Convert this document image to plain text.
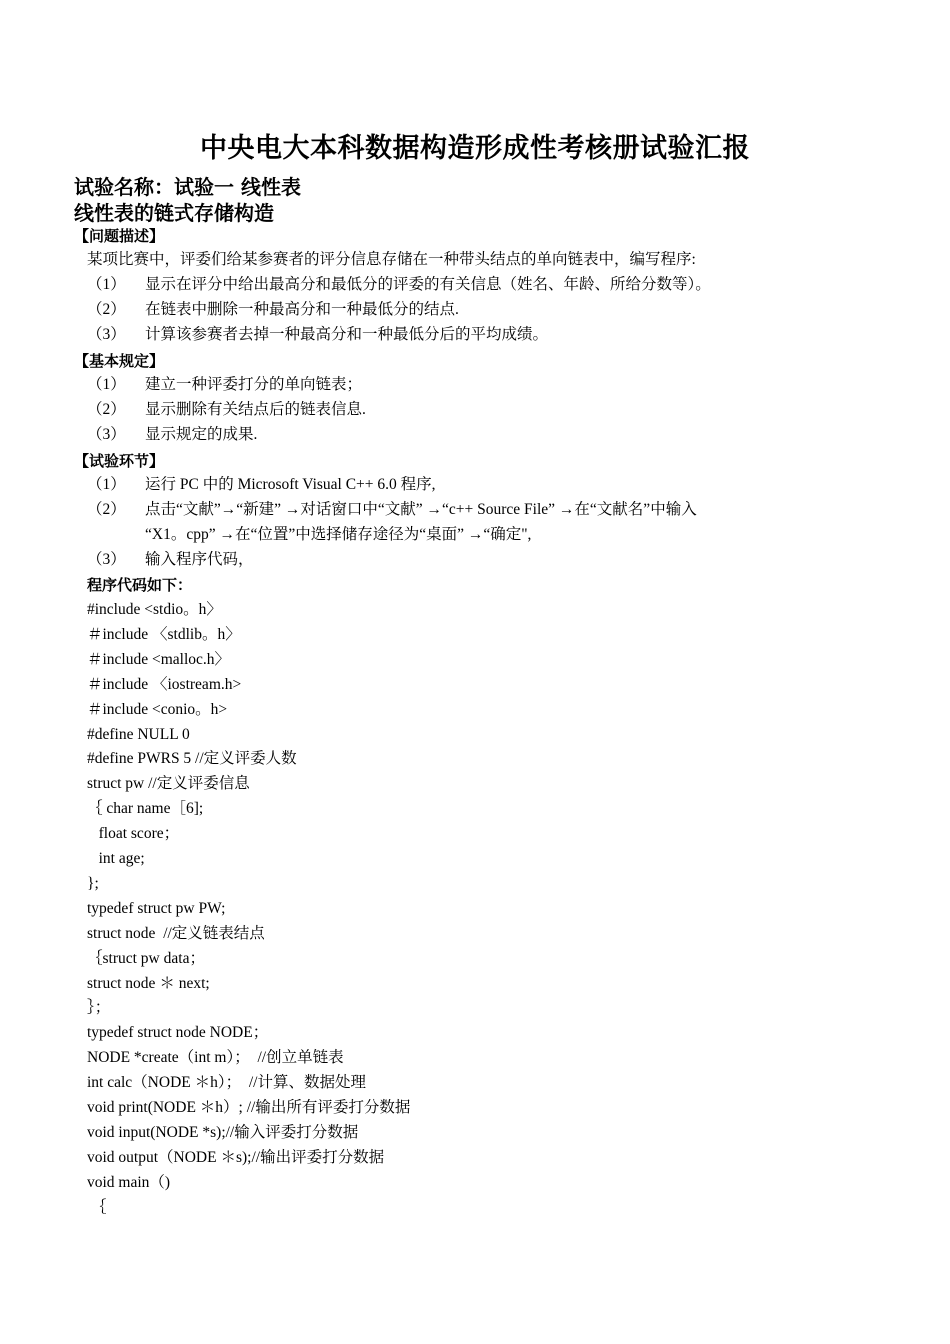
中央电大本科数据构造形成性考核册试验汇报
试验名称：试验一 线性表
线性表的链式存储构造
【问题描述】
某项比赛中，评委们给某参赛者的评分信息存储在一种带头结点的单向链表中，编写程序:
（1） 显示在评分中给出最高分和最低分的评委的有关信息（姓名、年龄、所给分数等）。
（2） 在链表中删除一种最高分和一种最低分的结点.
（3） 计算该参赛者去掉一种最高分和一种最低分后的平均成绩。
【基本规定】
（1） 建立一种评委打分的单向链表；
（2） 显示删除有关结点后的链表信息.
（3） 显示规定的成果.
【试验环节】
（1） 运行 PC 中的 Microsoft Visual C++ 6.0 程序,
（2） 点击“文献”→“新建” →对话窗口中“文献” →“c++ Source File” →在“文献名”中输入
“X1。cpp” →在“位置”中选择储存途径为“桌面” →“确定",
（3） 输入程序代码，
程序代码如下：
#include <stdio。h〉
＃include 〈stdlib。h〉
＃include <malloc.h〉
＃include 〈iostream.h>
＃include <conio。h>
#define NULL 0
#define PWRS 5 //定义评委人数
struct pw //定义评委信息
｛ char name［6];
float score；
int age;
};
typedef struct pw PW;
struct node  //定义链表结点
｛struct pw data；
struct node ＊ next;
｝；
typedef struct node NODE；
NODE *create（int m）；  //创立单链表
int calc（NODE ＊h）；  //计算、数据处理
void print(NODE ＊h）; //输出所有评委打分数据
void input(NODE *s);//输入评委打分数据
void output（NODE ＊s);//输出评委打分数据
void main（)
｛
